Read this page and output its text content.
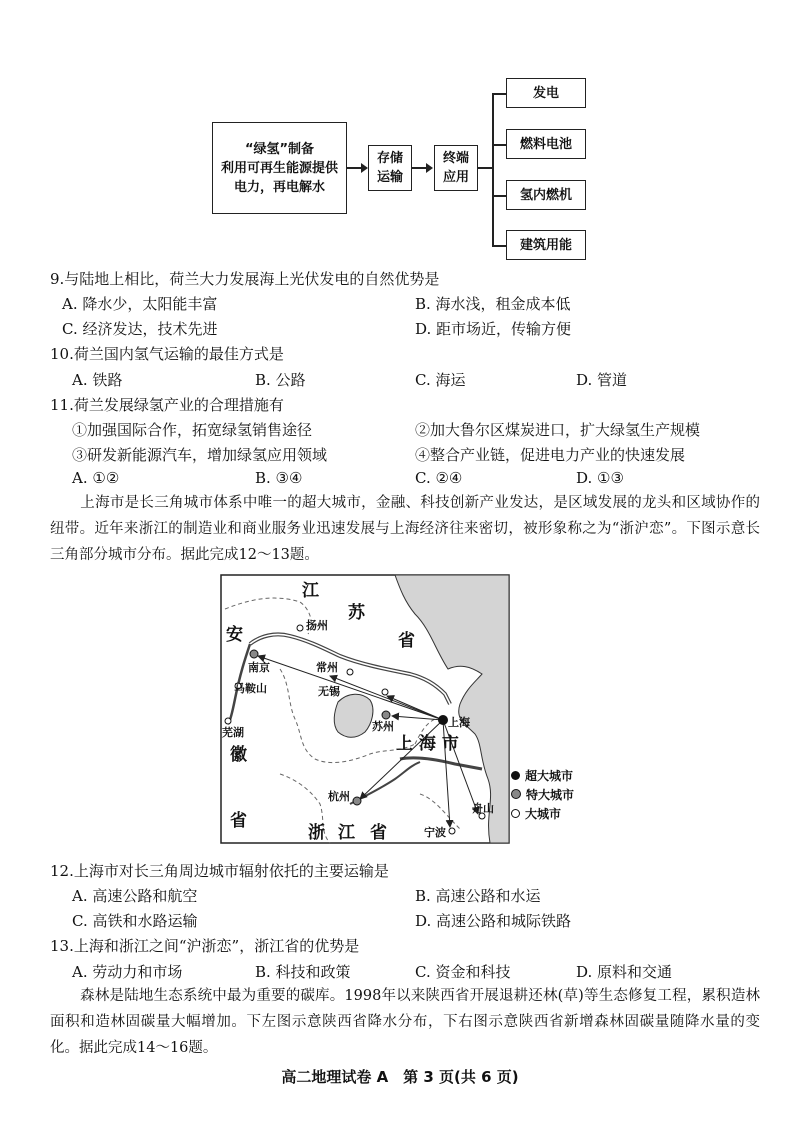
“绿氢”制备
利用可再生能源提供
电力，再电解水
存储
运输
终端
应用
发电
燃料电池
氢内燃机
建筑用能
9.与陆地上相比，荷兰大力发展海上光伏发电的自然优势是
A. 降水少，太阳能丰富	B. 海水浅，租金成本低
C. 经济发达，技术先进	D. 距市场近，传输方便
10.荷兰国内氢气运输的最佳方式是
A. 铁路	B. 公路	C. 海运	D. 管道
11.荷兰发展绿氢产业的合理措施有
①加强国际合作，拓宽绿氢销售途径	②加大鲁尔区煤炭进口，扩大绿氢生产规模
③研发新能源汽车，增加绿氢应用领域	④整合产业链，促进电力产业的快速发展
A. ①②	B. ③④	C. ②④	D. ①③
上海市是长三角城市体系中唯一的超大城市，金融、科技创新产业发达，是区域发展的龙头和区域协作的纽带。近年来浙江的制造业和商业服务业迅速发展与上海经济往来密切，被形象称之为“浙沪恋”。下图示意长三角部分城市分布。据此完成12～13题。
江
苏
省
安
徽
省
浙 江 省
上 海 市
上海
扬州
南京	常州
无锡
苏州
马鞍山
芜湖
杭州
宁波
舟山
超大城市
特大城市
大城市
12.上海市对长三角周边城市辐射依托的主要运输是
A. 高速公路和航空	B. 高速公路和水运
C. 高铁和水路运输	D. 高速公路和城际铁路
13.上海和浙江之间“沪浙恋”，浙江省的优势是
A. 劳动力和市场	B. 科技和政策	C. 资金和科技	D. 原料和交通
森林是陆地生态系统中最为重要的碳库。1998年以来陕西省开展退耕还林(草)等生态修复工程，累积造林面积和造林固碳量大幅增加。下左图示意陕西省降水分布，下右图示意陕西省新增森林固碳量随降水量的变化。据此完成14～16题。
高二地理试卷 A　第 3 页(共 6 页)
